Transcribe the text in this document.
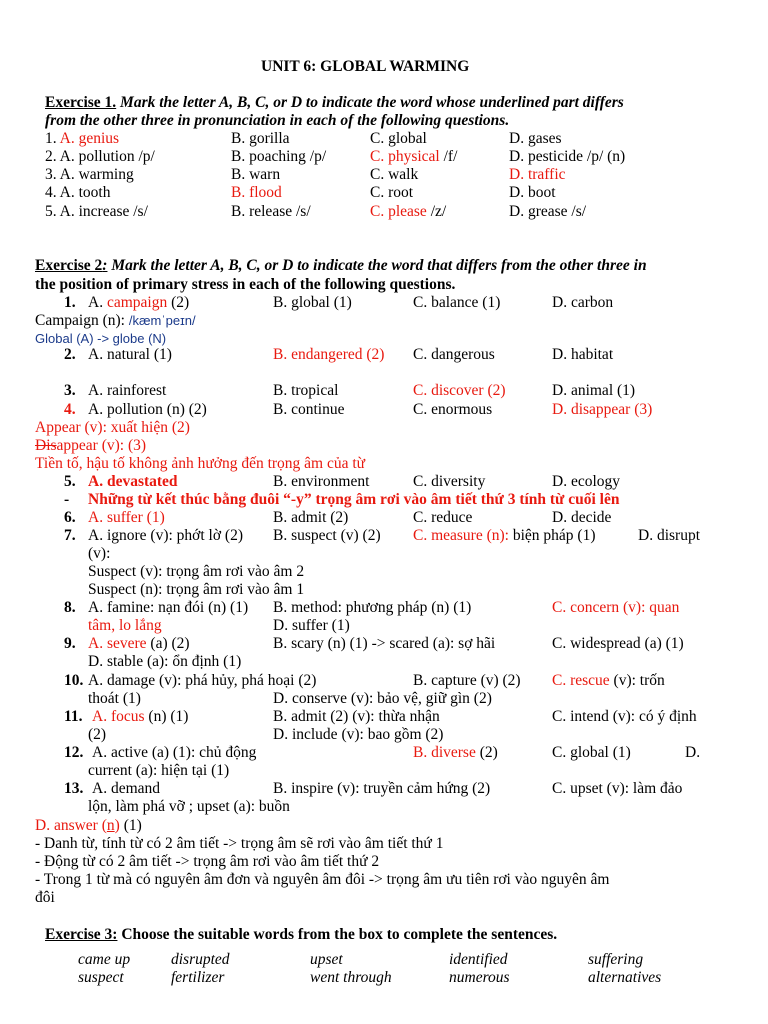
UNIT 6: GLOBAL WARMING
Exercise 1. Mark the letter A, B, C, or D to indicate the word whose underlined part differs
from the other three in pronunciation in each of the following questions.
1. A. genius	B. gorilla	C. global	D. gases
2. A. pollution /p/	B. poaching /p/	C. physical /f/	D. pesticide /p/ (n)
3. A. warming	B. warn	C. walk	D. traffic
4. A. tooth	B. flood	C. root	D. boot
5. A. increase /s/	B. release /s/	C. please /z/	D. grease /s/
Exercise 2: Mark the letter A, B, C, or D to indicate the word that differs from the other three in
the position of primary stress in each of the following questions.
1. A. campaign (2)	B. global (1)	C. balance (1)	D. carbon
Campaign (n): /kæmˈpeɪn/
Global (A) -> globe (N)
2. A. natural (1)	B. endangered (2) C. dangerous	D. habitat
3. A. rainforest	B. tropical	C. discover (2)	D. animal (1)
4. A. pollution (n) (2)	B. continue	C. enormous	D. disappear (3)
Appear (v): xuất hiện (2)
Disappear (v): (3)
Tiền tố, hậu tố không ảnh hưởng đến trọng âm của từ
5. A. devastated	B. environment	C. diversity	D. ecology
- Những từ kết thúc bằng đuôi “-y” trọng âm rơi vào âm tiết thứ 3 tính từ cuối lên
6. A. suffer (1)	B. admit (2)	C. reduce	D. decide
7. A. ignore (v): phớt lờ (2) B. suspect (v) (2) C. measure (n): biện pháp (1)	D. disrupt
(v):
Suspect (v): trọng âm rơi vào âm 2
Suspect (n): trọng âm rơi vào âm 1
8. A. famine: nạn đói (n) (1) B. method: phương pháp (n) (1)	C. concern (v): quan
tâm, lo lắng	D. suffer (1)
9. A. severe (a) (2)	B. scary (n) (1) -> scared (a): sợ hãi	C. widespread (a) (1)
D. stable (a): ổn định (1)
10. A. damage (v): phá hủy, phá hoại (2)	B. capture (v) (2) C. rescue (v): trốn
thoát (1)	D. conserve (v): bảo vệ, giữ gìn (2)
11. A. focus (n) (1)	B. admit (2) (v): thừa nhận	C. intend (v): có ý định
(2)	D. include (v): bao gồm (2)
12. A. active (a) (1): chủ động	B. diverse (2)	C. global (1)	D.
current (a): hiện tại (1)
13. A. demand	B. inspire (v): truyền cảm hứng (2)	C. upset (v): làm đảo
lộn, làm phá vỡ ; upset (a): buồn
D. answer (n) (1)
- Danh từ, tính từ có 2 âm tiết -> trọng âm sẽ rơi vào âm tiết thứ 1
- Động từ có 2 âm tiết -> trọng âm rơi vào âm tiết thứ 2
- Trong 1 từ mà có nguyên âm đơn và nguyên âm đôi -> trọng âm ưu tiên rơi vào nguyên âm
đôi
Exercise 3: Choose the suitable words from the box to complete the sentences.
came up	disrupted	upset	identified	suffering
suspect	fertilizer	went through	numerous	alternatives
